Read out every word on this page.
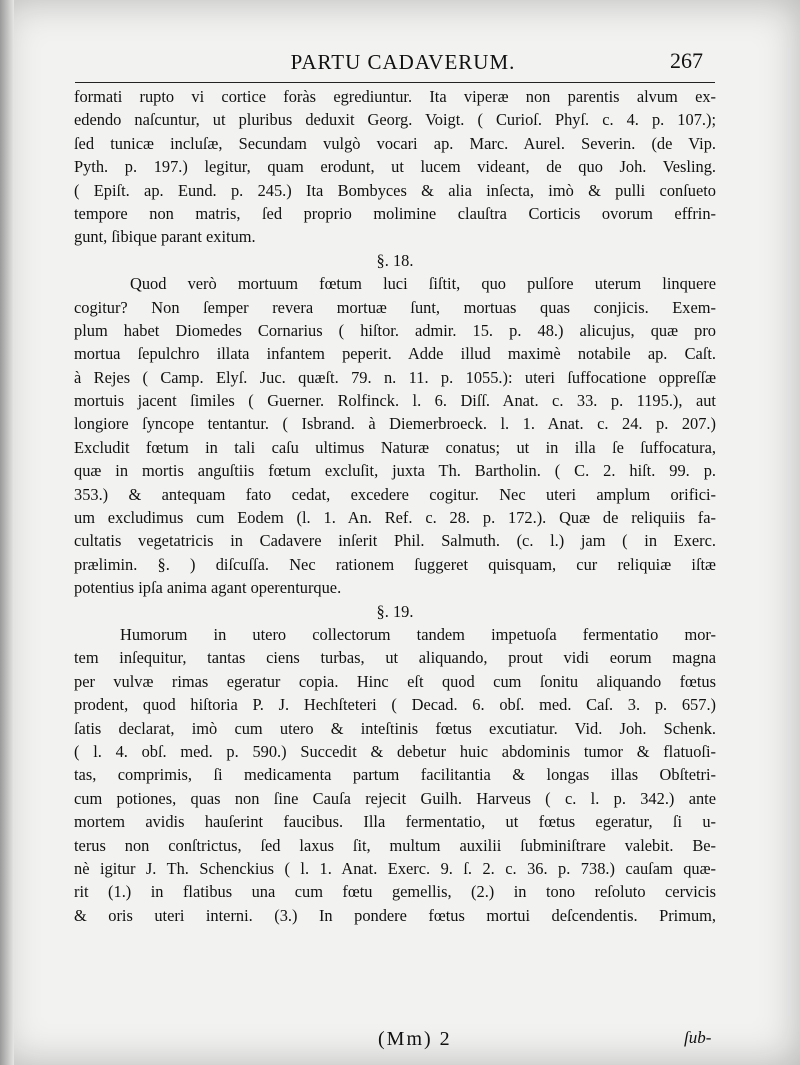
PARTU CADAVERUM.	267
formati rupto vi cortice foràs egrediuntur. Ita viperæ non parentis alvum ex-
edendo naſcuntur, ut pluribus deduxit Georg. Voigt. ( Curioſ. Phyſ. c. 4. p. 107.);
ſed tunicæ incluſæ, Secundam vulgò vocari ap. Marc. Aurel. Severin. (de Vip.
Pyth. p. 197.) legitur, quam erodunt, ut lucem videant, de quo Joh. Vesling.
( Epiſt. ap. Eund. p. 245.) Ita Bombyces & alia inſecta, imò & pulli conſueto
tempore non matris, ſed proprio molimine clauſtra Corticis ovorum effrin-
gunt, ſibique parant exitum.
§. 18.
Quod verò mortuum fœtum luci ſiſtit, quo pulſore uterum linquere
cogitur? Non ſemper revera mortuæ ſunt, mortuas quas conjicis. Exem-
plum habet Diomedes Cornarius ( hiſtor. admir. 15. p. 48.) alicujus, quæ pro
mortua ſepulchro illata infantem peperit. Adde illud maximè notabile ap. Caſt.
à Rejes ( Camp. Elyſ. Juc. quæſt. 79. n. 11. p. 1055.): uteri ſuffocatione oppreſſæ
mortuis jacent ſimiles ( Guerner. Rolfinck. l. 6. Diſſ. Anat. c. 33. p. 1195.), aut
longiore ſyncope tentantur. ( Isbrand. à Diemerbroeck. l. 1. Anat. c. 24. p. 207.)
Excludit fœtum in tali caſu ultimus Naturæ conatus; ut in illa ſe ſuffocatura,
quæ in mortis anguſtiis fœtum excluſit, juxta Th. Bartholin. ( C. 2. hiſt. 99. p.
353.) & antequam fato cedat, excedere cogitur. Nec uteri amplum orifici-
um excludimus cum Eodem (l. 1. An. Ref. c. 28. p. 172.). Quæ de reliquiis fa-
cultatis vegetatricis in Cadavere inſerit Phil. Salmuth. (c. l.) jam ( in Exerc.
prælimin. §. ) diſcuſſa. Nec rationem ſuggeret quisquam, cur reliquiæ iſtæ
potentius ipſa anima agant operenturque.
§. 19.
Humorum in utero collectorum tandem impetuoſa fermentatio mor-
tem inſequitur, tantas ciens turbas, ut aliquando, prout vidi eorum magna
per vulvæ rimas egeratur copia. Hinc eſt quod cum ſonitu aliquando fœtus
prodent, quod hiſtoria P. J. Hechſteteri ( Decad. 6. obſ. med. Caſ. 3. p. 657.)
ſatis declarat, imò cum utero & inteſtinis fœtus excutiatur. Vid. Joh. Schenk.
( l. 4. obſ. med. p. 590.) Succedit & debetur huic abdominis tumor & flatuoſi-
tas, comprimis, ſi medicamenta partum facilitantia & longas illas Obſtetri-
cum potiones, quas non ſine Cauſa rejecit Guilh. Harveus ( c. l. p. 342.) ante
mortem avidis hauſerint faucibus. Illa fermentatio, ut fœtus egeratur, ſi u-
terus non conſtrictus, ſed laxus ſit, multum auxilii ſubminiſtrare valebit. Be-
nè igitur J. Th. Schenckius ( l. 1. Anat. Exerc. 9. ſ. 2. c. 36. p. 738.) cauſam quæ-
rit (1.) in flatibus una cum fœtu gemellis, (2.) in tono reſoluto cervicis
& oris uteri interni. (3.) In pondere fœtus mortui deſcendentis. Primum,
(Mm) 2	ſub-
